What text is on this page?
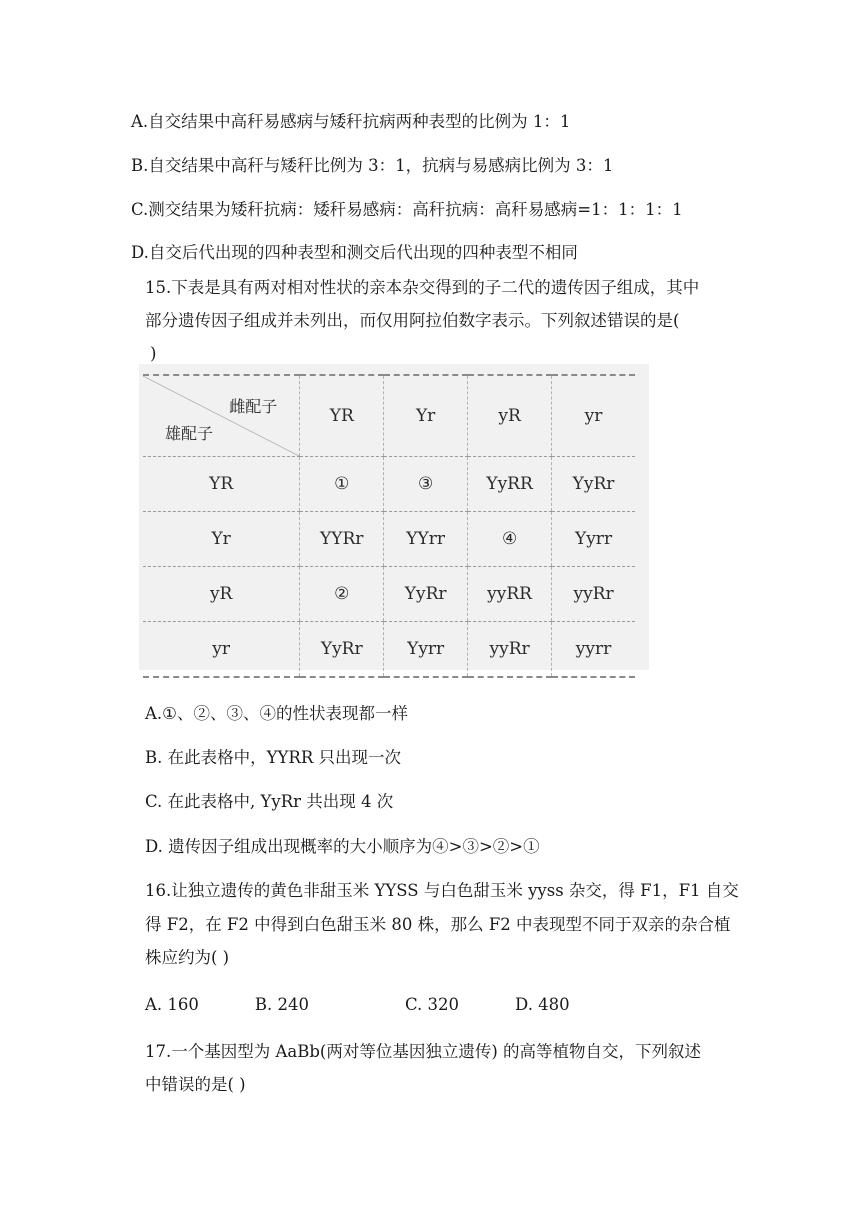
A.自交结果中高秆易感病与矮秆抗病两种表型的比例为 1：1
B.自交结果中高秆与矮秆比例为 3：1，抗病与易感病比例为 3：1
C.测交结果为矮秆抗病：矮秆易感病：高秆抗病：高秆易感病=1：1：1：1
D.自交后代出现的四种表型和测交后代出现的四种表型不相同
15.下表是具有两对相对性状的亲本杂交得到的子二代的遗传因子组成，其中
部分遗传因子组成并未列出，而仅用阿拉伯数字表示。下列叙述错误的是(
)
雌配子
雄配子	YR	Yr	yR	yr
YR	①	③	YyRR	YyRr
Yr	YYRr	YYrr	④	Yyrr
yR	②	YyRr	yyRR	yyRr
yr	YyRr	Yyrr	yyRr	yyrr
A.①、②、③、④的性状表现都一样
B. 在此表格中，YYRR 只出现一次
C. 在此表格中, YyRr 共出现 4 次
D. 遗传因子组成出现概率的大小顺序为④>③>②>①
16.让独立遗传的黄色非甜玉米 YYSS 与白色甜玉米 yyss 杂交，得 F1，F1 自交
得 F2，在 F2 中得到白色甜玉米 80 株，那么 F2 中表现型不同于双亲的杂合植
株应约为( )
A. 160	B. 240	C. 320	D. 480
17.一个基因型为 AaBb(两对等位基因独立遗传) 的高等植物自交，下列叙述
中错误的是( )
